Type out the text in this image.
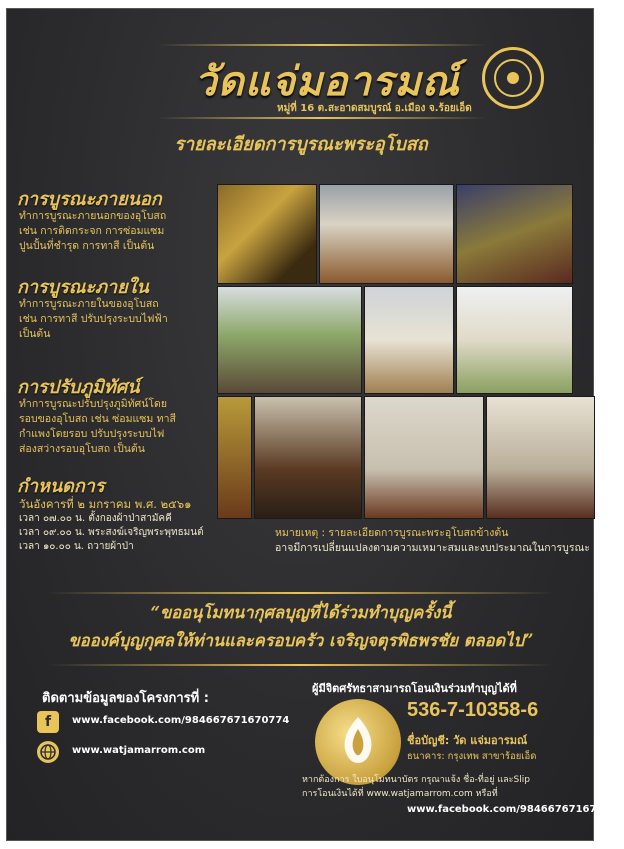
วัดแจ่มอารมณ์
หมู่ที่ 16 ต.สะอาดสมบูรณ์ อ.เมือง จ.ร้อยเอ็ด
รายละเอียดการบูรณะพระอุโบสถ
การบูรณะภายนอก
ทำการบูรณะภายนอกของอุโบสถ
เช่น การติดกระจก การซ่อมแซม
ปูนปั้นที่ชำรุด การทาสี เป็นต้น
การบูรณะภายใน
ทำการบูรณะภายในของอุโบสถ
เช่น การทาสี ปรับปรุงระบบไฟฟ้า
เป็นต้น
การปรับภูมิทัศน์
ทำการบูรณะปรับปรุงภูมิทัศน์โดย
รอบของอุโบสถ เช่น ซ่อมแซม ทาสี
กำแพงโดยรอบ ปรับปรุงระบบไฟ
ส่องสว่างรอบอุโบสถ เป็นต้น
กำหนดการ
วันอังคารที่ ๒ มกราคม พ.ศ. ๒๕๖๑
เวลา ๐๗.๐๐ น. ตั้งกองผ้าป่าสามัคคี
เวลา ๐๙.๐๐ น. พระสงฆ์เจริญพระพุทธมนต์
เวลา ๑๐.๐๐ น. ถวายผ้าป่า
หมายเหตุ : รายละเอียดการบูรณะพระอุโบสถข้างต้น
อาจมีการเปลี่ยนแปลงตามความเหมาะสมและงบประมาณในการบูรณะ
“ขออนุโมทนากุศลบุญที่ได้ร่วมทำบุญครั้งนี้
ขอองค์บุญกุศลให้ท่านและครอบครัว เจริญจตุรพิธพรชัย ตลอดไป”
ติดตามข้อมูลของโครงการที่ :
f	www.facebook.com/984667671670774
www.watjamarrom.com
ผู้มีจิตศรัทธาสามารถโอนเงินร่วมทำบุญได้ที่
536-7-10358-6
ชื่อบัญชี: วัด แจ่มอารมณ์
ธนาคาร: กรุงเทพ สาขาร้อยเอ็ด
หากต้องการ ใบอนุโมทนาบัตร กรุณาแจ้ง ชื่อ-ที่อยู่ และSlip
การโอนเงินได้ที่ www.watjamarrom.com หรือที่
www.facebook.com/984667671670774
